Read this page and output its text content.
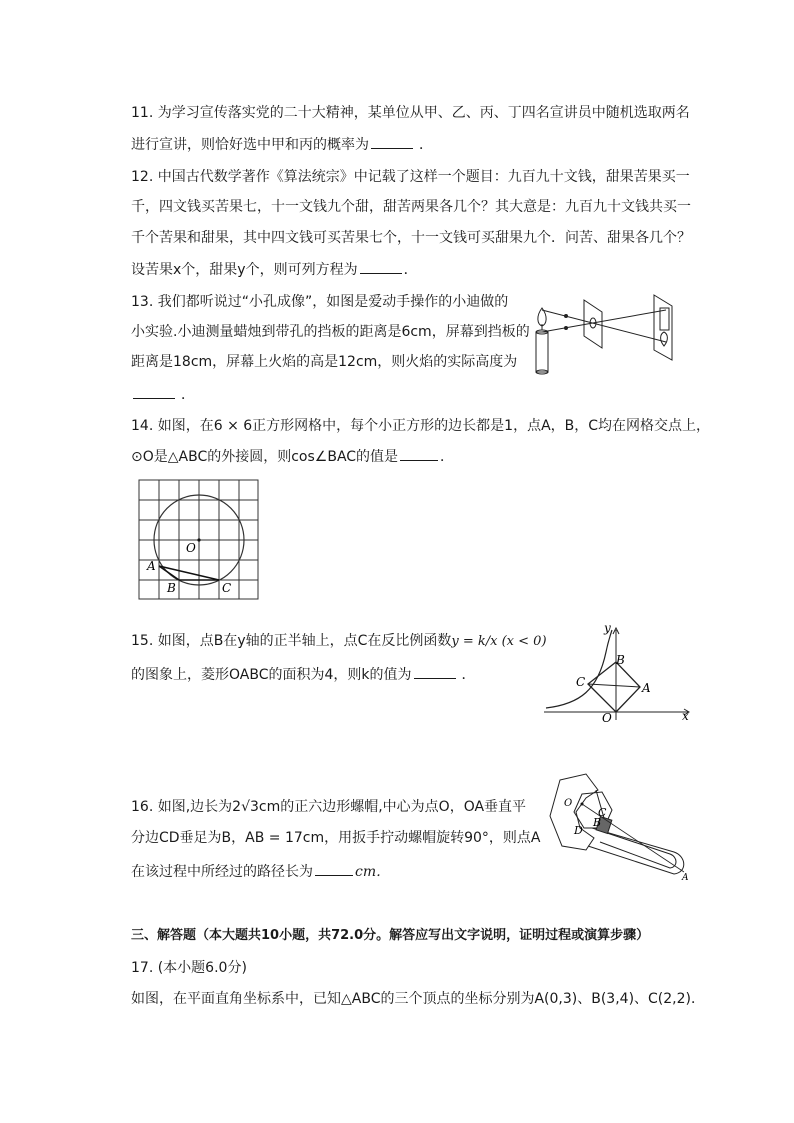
11. 为学习宣传落实党的二十大精神，某单位从甲、乙、丙、丁四名宣讲员中随机选取两名
进行宣讲，则恰好选中甲和丙的概率为	．
12. 中国古代数学著作《算法统宗》中记载了这样一个题目：九百九十文钱，甜果苦果买一
千，四文钱买苦果七，十一文钱九个甜，甜苦两果各几个？其大意是：九百九十文钱共买一
千个苦果和甜果，其中四文钱可买苦果七个，十一文钱可买甜果九个．问苦、甜果各几个？
设苦果x个，甜果y个，则可列方程为	．
13. 我们都听说过“小孔成像”，如图是爱动手操作的小迪做的
小实验.小迪测量蜡烛到带孔的挡板的距离是6cm，屏幕到挡板的
距离是18cm，屏幕上火焰的高是12cm，则火焰的实际高度为
．
14. 如图，在6 × 6正方形网格中，每个小正方形的边长都是1，点A，B，C均在网格交点上，
⊙O是△ABC的外接圆，则cos∠BAC的值是	．
O
A
B	C
15. 如图，点B在y轴的正半轴上，点C在反比例函数y = k/x (x < 0)
的图象上，菱形OABC的面积为4，则k的值为	．
y
x
O
A
B
C
16. 如图,边长为2√3cm的正六边形螺帽,中心为点O，OA垂直平
分边CD垂足为B，AB = 17cm，用扳手拧动螺帽旋转90°，则点A
在该过程中所经过的路径长为	cm．
O
C
B
D
A
三、解答题（本大题共10小题，共72.0分。解答应写出文字说明，证明过程或演算步骤）
17. (本小题6.0分)
如图，在平面直角坐标系中，已知△ABC的三个顶点的坐标分别为A(0,3)、B(3,4)、C(2,2)．
